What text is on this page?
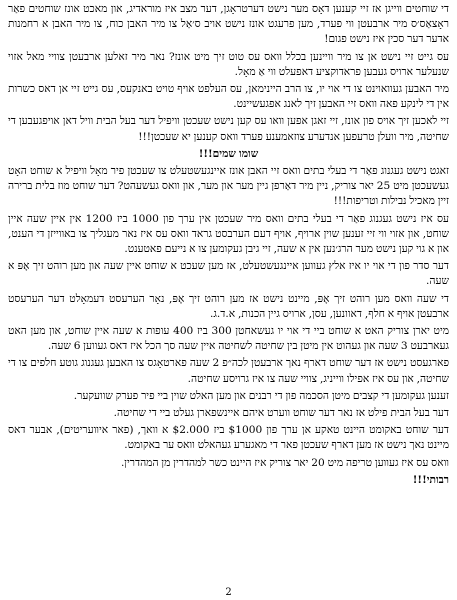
די שוחטים ווייגן אז זיי קענען דאָס מער נישט דערטראָגן, דער מצב איז מוראדיג, און מאכט אונז שוחטים פאַר ראָצאַס׳ס מיר ארבעטן ווי פערד, מען פרעגט אונז נישט אויב ס׳אַל צו מיר האבן כוח, צו מיר האבן א רחמנות אדער דער סכין איז נישט פגום!

עס גייט זיי נישט אן צו מיר וויינען בכלל וואס עס טוט זיך מיט אונז? נאר מיר זאלען ארבעטן צוויי מאל אזוי שנעלער ארויס געבען פראדוקציע דאפעלט ווי אַ מאָל.

מיר האבען געוואוינט צו די אוי יו, צו הרב היינימאן, עס העלפט אויף טויט באנקעס, עס גייט זיי אן דאס כשרות אין די לינקע פאה וואס זיי האבען זיך לאנג אפגעשיינט.

זיי לאכען זיך אויס פון אונז, זיי זאגן אפען וואו עס קען נישט שעכטן וויפיל דער בעל הבית וויל דאן אויפגעבען די שחיטה, מיר וועלן טרעפען אנדערע צוזאמענע פערד וואס קענען יא שעכטן!!!

שומו שמים!!!

זאגט נישט געגנוג פאַר די בעלי בתים וואס זיי האבן אונז איינגעשטעלט צו שעכטן פיר מאָל וויפיל א שוחט האָט געשעכטן מיט 25 יאר צוריק, ניין מיר דאַרפן גיין מער און מער, און וואס געשעהט? דער שוחט מוז בלית ברירה זיין מאכיל נבילות וטריפות!!!

עס איז נישט געגנוג פאַר די בעלי בתים וואס מיר שעכטן אין ערך פון 1000 ביז 1200 אין איין שעה איין שוחט, און אזוי ווי זיי זענען שוין ארויף, אויף דעם הערבסט גראד וואס עס איז נאר מעגליך צו באווייזן די הענט, און א גוי קען נישט מער הרג׳נען אין א שעה, זיי גיבן געקומען צו א נייעם פאטענט.

דער סדר פון די אוי יו איז אלץ געווען איינגעשטעלט, אז מען שעכט א שוחט איין שעה און מען רוהט זיך אָפּ א שעה.

די שעה וואס מען רוהט זיך אָפּ, מיינט נישט אז מען רוהט זיך אָפּ, נאָר הערעסט דעמאָלט דער הערעסט ארבעטן אויף א חלף, דאוונען, עסן, ארויס גיין הכנות, א.ד.ג.

מיט יארן צוריק האט א שוחט ביי די אוי יו געשאחטן 300 ביז 400 עופות א שעה איין שוחט, און מען האט געארבעט 3 שעה און געהוט אין מיטן בין שחיטה לשחיטה איין שעה סך הכל איז דאס געווען 6 שעה.

פארגעסט נישט אז דער שוחט דארף נאך ארבעטן לכה״פ 2 שעה פארטאָגס צו האבען געגנוג גוטע חלפים צו די שחיטה, און עס איז אפילו ווייניג, צוויי שעה צו איז גרויסע שחיטה.

זענען געקומען די קצבים מיטן הסכמה פון די רבנים און מען האלט שוין ביי פיר פערק שוועקער.

דער בעל הבית פילט אז נאר דער שוחט ווערט איהם איינשפארן געלט ביי די שחיטה.

דער שוחט באקומט היינט טאקע אן ערך פון $1000 ביז $2.000 א וואך, (פאר איוועריטים), אבער דאס מיינט נאך נישט אז מען דארף שעכטן פאר די מאגערע געהאלט וואס ער באקומט.

וואס עס איז געווען טריפה מיט 20 יאר צוריק איז היינט כשר למהדרין מן המהדרין.

רבותי!!!

2
